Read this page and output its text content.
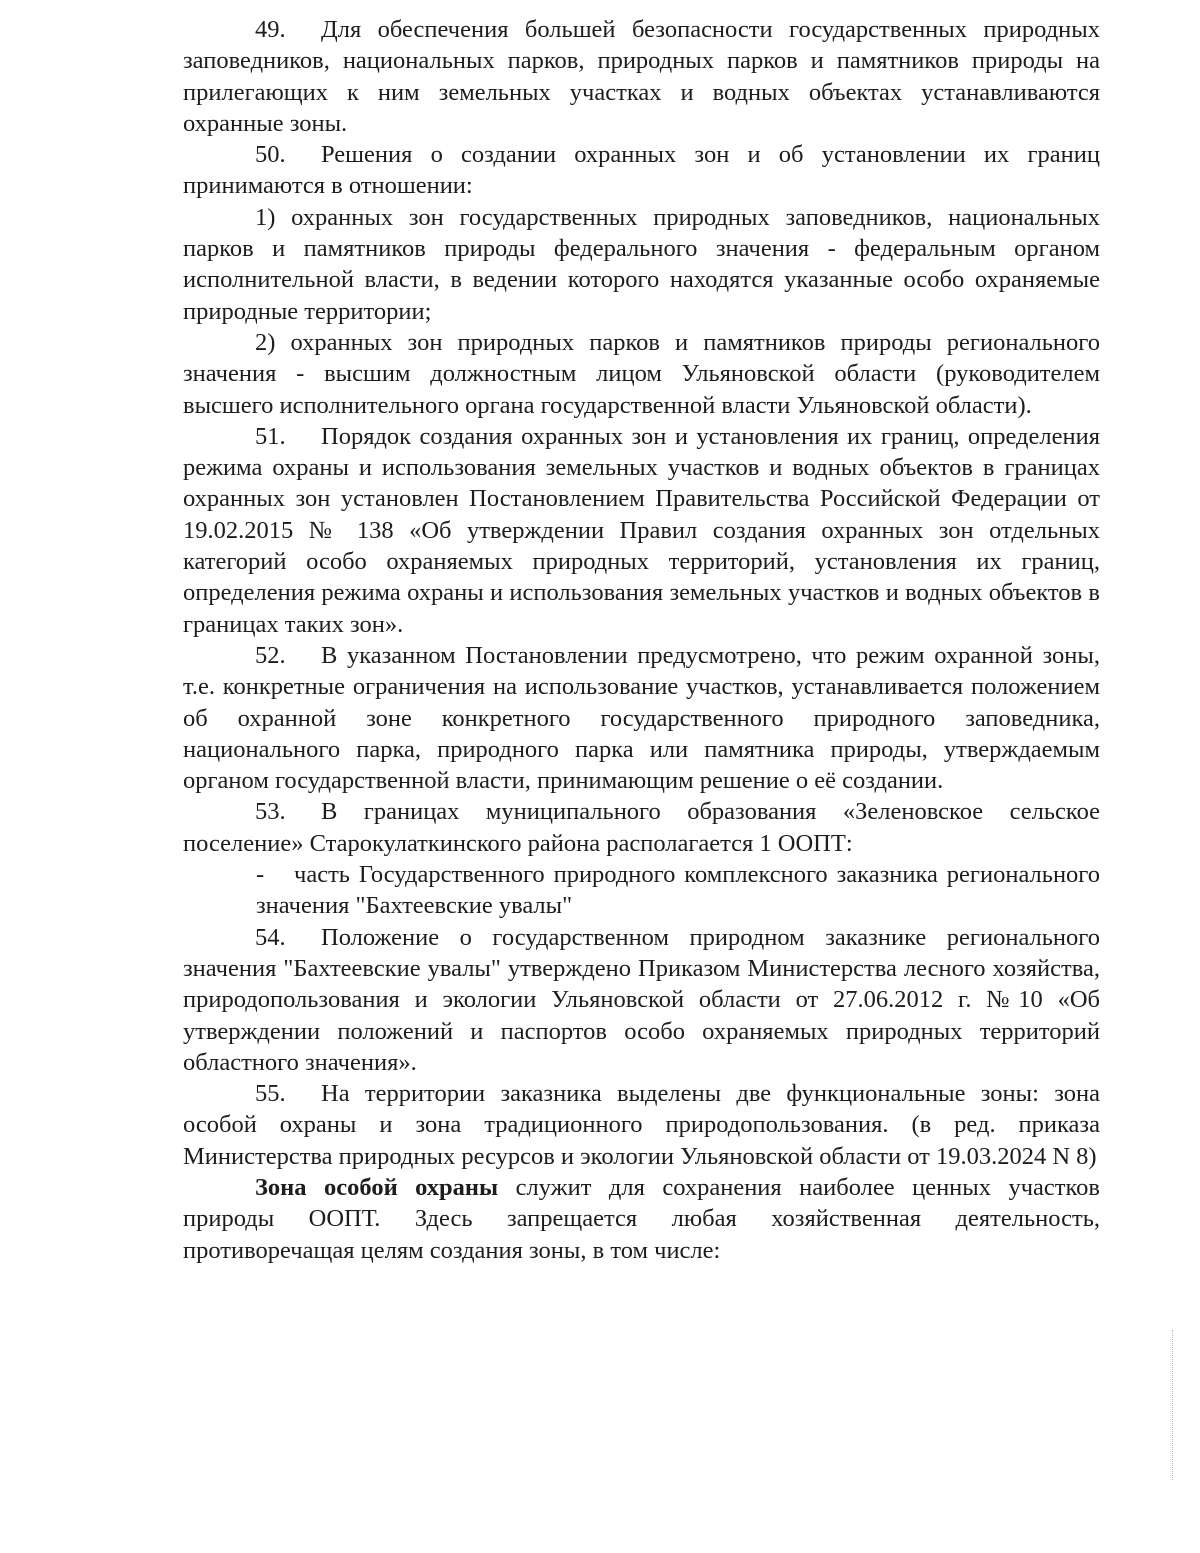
49. Для обеспечения большей безопасности государственных природных заповедников, национальных парков, природных парков и памятников природы на прилегающих к ним земельных участках и водных объектах устанавливаются охранные зоны.

50. Решения о создании охранных зон и об установлении их границ принимаются в отношении:

1) охранных зон государственных природных заповедников, национальных парков и памятников природы федерального значения - федеральным органом исполнительной власти, в ведении которого находятся указанные особо охраняемые природные территории;

2) охранных зон природных парков и памятников природы регионального значения - высшим должностным лицом Ульяновской области (руководителем высшего исполнительного органа государственной власти Ульяновской области).

51. Порядок создания охранных зон и установления их границ, определения режима охраны и использования земельных участков и водных объектов в границах охранных зон установлен Постановлением Правительства Российской Федерации от 19.02.2015 № 138 «Об утверждении Правил создания охранных зон отдельных категорий особо охраняемых природных территорий, установления их границ, определения режима охраны и использования земельных участков и водных объектов в границах таких зон».

52. В указанном Постановлении предусмотрено, что режим охранной зоны, т.е. конкретные ограничения на использование участков, устанавливается положением об охранной зоне конкретного государственного природного заповедника, национального парка, природного парка или памятника природы, утверждаемым органом государственной власти, принимающим решение о её создании.

53. В границах муниципального образования «Зеленовское сельское поселение» Старокулаткинского района располагается 1 ООПТ:

- часть Государственного природного комплексного заказника регионального значения "Бахтеевские увалы"

54. Положение о государственном природном заказнике регионального значения "Бахтеевские увалы" утверждено Приказом Министерства лесного хозяйства, природопользования и экологии Ульяновской области от 27.06.2012 г. №10 «Об утверждении положений и паспортов особо охраняемых природных территорий областного значения».

55. На территории заказника выделены две функциональные зоны: зона особой охраны и зона традиционного природопользования. (в ред. приказа Министерства природных ресурсов и экологии Ульяновской области от 19.03.2024 N 8)

Зона особой охраны служит для сохранения наиболее ценных участков природы ООПТ. Здесь запрещается любая хозяйственная деятельность, противоречащая целям создания зоны, в том числе:
